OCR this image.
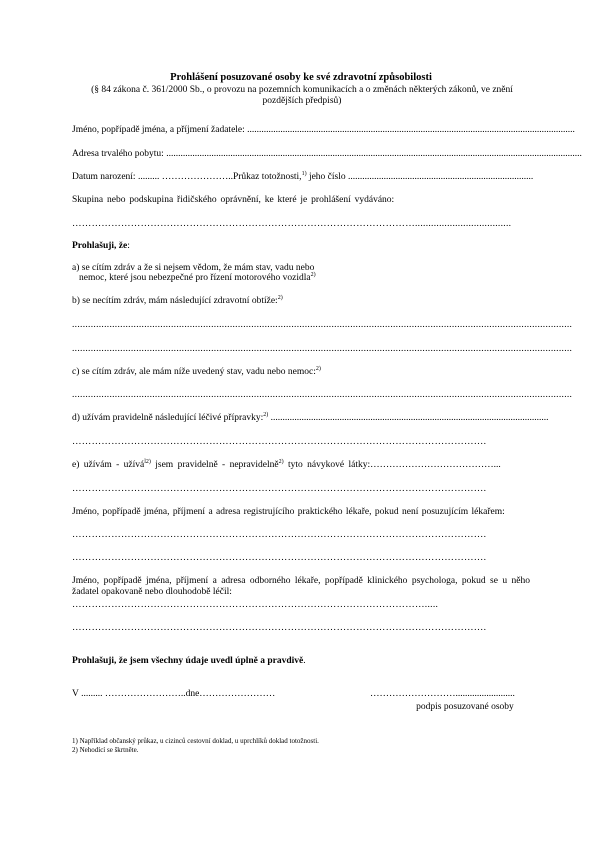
Prohlášení posuzované osoby ke své zdravotní způsobilosti
(§ 84 zákona č. 361/2000 Sb., o provozu na pozemních komunikacích a o změnách některých zákonů, ve znění pozdějších předpisů)
Jméno, popřípadě jména, a příjmení žadatele: ..........................................................................................................................................
Adresa trvalého pobytu: ...............................................................................................................................................................................
Datum narození: ......... …………………..Průkaz totožnosti,$^{1)}$ jeho číslo ..............................................................................
Skupina nebo podskupina řidičského oprávnění, ke které je prohlášení vydáváno:
……………………………………………………………………………………………....................................
Prohlašuji, že:
a) se cítím zdráv a že si nejsem vědom, že mám stav, vadu nebo
nemoc, které jsou nebezpečné pro řízení motorového vozidla$^{2)}$
b) se necítím zdráv, mám následující zdravotní obtíže:$^{2)}$
...........................................................................................................................................................................................
...........................................................................................................................................................................................
c) se cítím zdráv, ale mám níže uvedený stav, vadu nebo nemoc:$^{2)}$
...........................................................................................................................................................................................
d) užívám pravidelně následující léčivé přípravky:$^{2)}$ .....................................................................................................................
……………………………………………………………………………………………………………….
e) užívám - užívá$^{l2)}$ jsem pravidelně - nepravidelně$^{2)}$ tyto návykové látky:…………………………………...
……………………………………………………………………………………………………………….
Jméno, popřípadě jména, příjmení a adresa registrujícího praktického lékaře, pokud není posuzujícím lékařem:
……………………………………………………………………………………………………………….
……………………………………………………………………………………………………………….
Jméno, popřípadě jména, příjmení a adresa odborného lékaře, popřípadě klinického psychologa, pokud se u něho žadatel opakovaně nebo dlouhodobě léčil:
……………………………………………………………………………………………….....
……………………………………………………………………………………………………………….
Prohlašuji, že jsem všechny údaje uvedl úplně a pravdivě.
V ......... ……………………..dne……………………	……………………….........................
podpis posuzované osoby
1) Například občanský průkaz, u cizinců cestovní doklad, u uprchlíků doklad totožnosti.
2) Nehodící se škrtněte.
